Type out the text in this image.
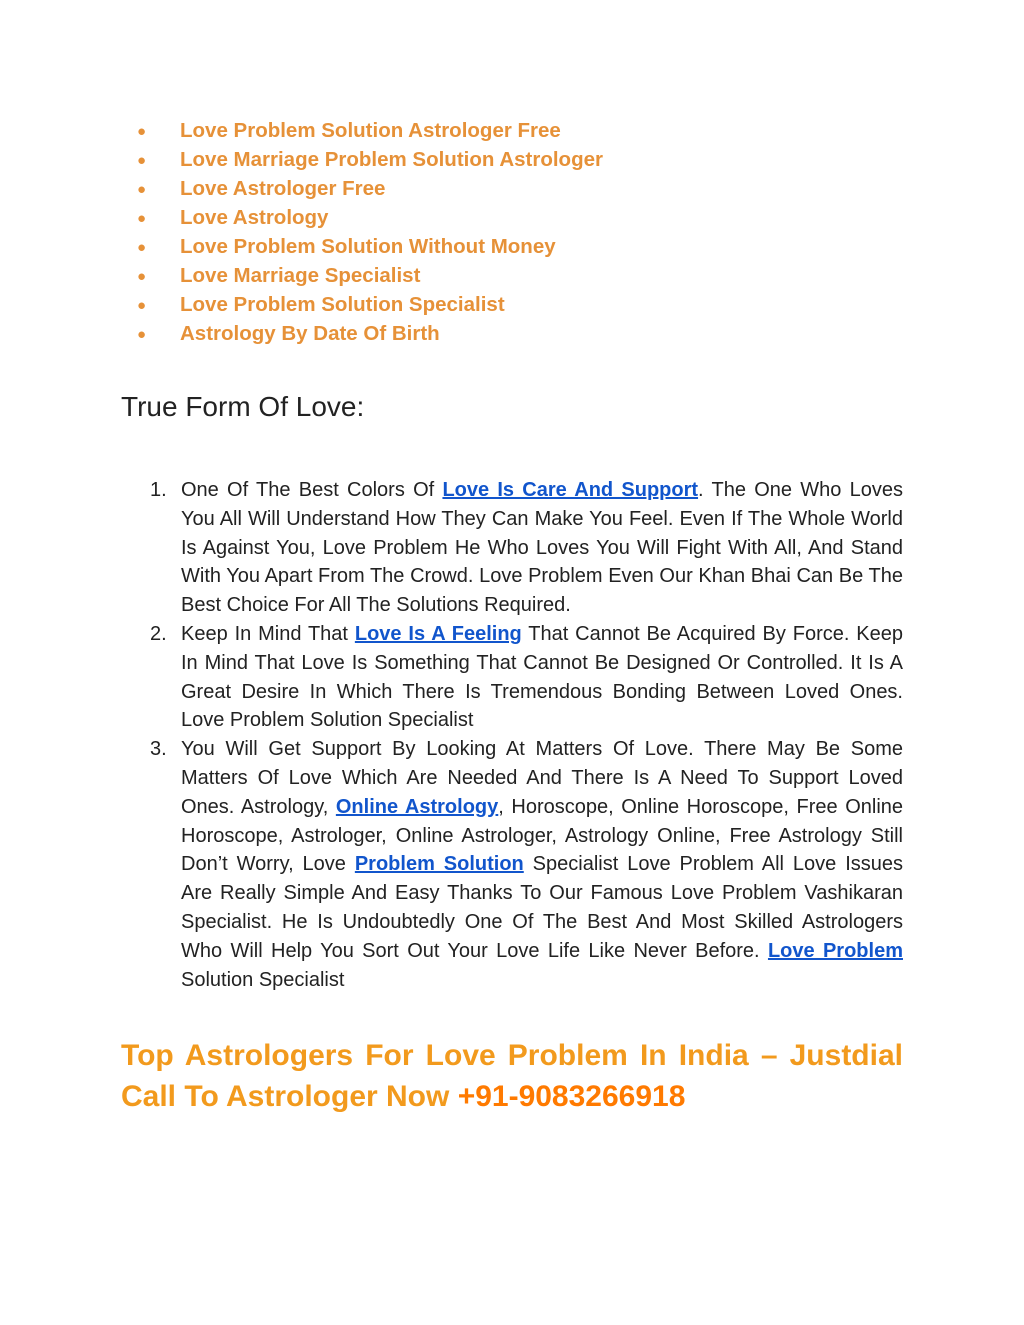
●	Love Problem Solution Astrologer Free
●	Love Marriage Problem Solution Astrologer
●	Love Astrologer Free
●	Love Astrology
●	Love Problem Solution Without Money
●	Love Marriage Specialist
●	Love Problem Solution Specialist
●	Astrology By Date Of Birth
True Form Of Love:
1. One Of The Best Colors Of Love Is Care And Support. The One Who Loves You All Will Understand How They Can Make You Feel. Even If The Whole World Is Against You, Love Problem He Who Loves You Will Fight With All, And Stand With You Apart From The Crowd. Love Problem Even Our Khan Bhai Can Be The Best Choice For All The Solutions Required.
2. Keep In Mind That Love Is A Feeling That Cannot Be Acquired By Force. Keep In Mind That Love Is Something That Cannot Be Designed Or Controlled. It Is A Great Desire In Which There Is Tremendous Bonding Between Loved Ones. Love Problem Solution Specialist
3. You Will Get Support By Looking At Matters Of Love. There May Be Some Matters Of Love Which Are Needed And There Is A Need To Support Loved Ones. Astrology, Online Astrology, Horoscope, Online Horoscope, Free Online Horoscope, Astrologer, Online Astrologer, Astrology Online, Free Astrology Still Don’t Worry, Love Problem Solution Specialist Love Problem All Love Issues Are Really Simple And Easy Thanks To Our Famous Love Problem Vashikaran Specialist. He Is Undoubtedly One Of The Best And Most Skilled Astrologers Who Will Help You Sort Out Your Love Life Like Never Before. Love Problem Solution Specialist
Top Astrologers For Love Problem In India – Justdial
Call To Astrologer Now +91-9083266918
